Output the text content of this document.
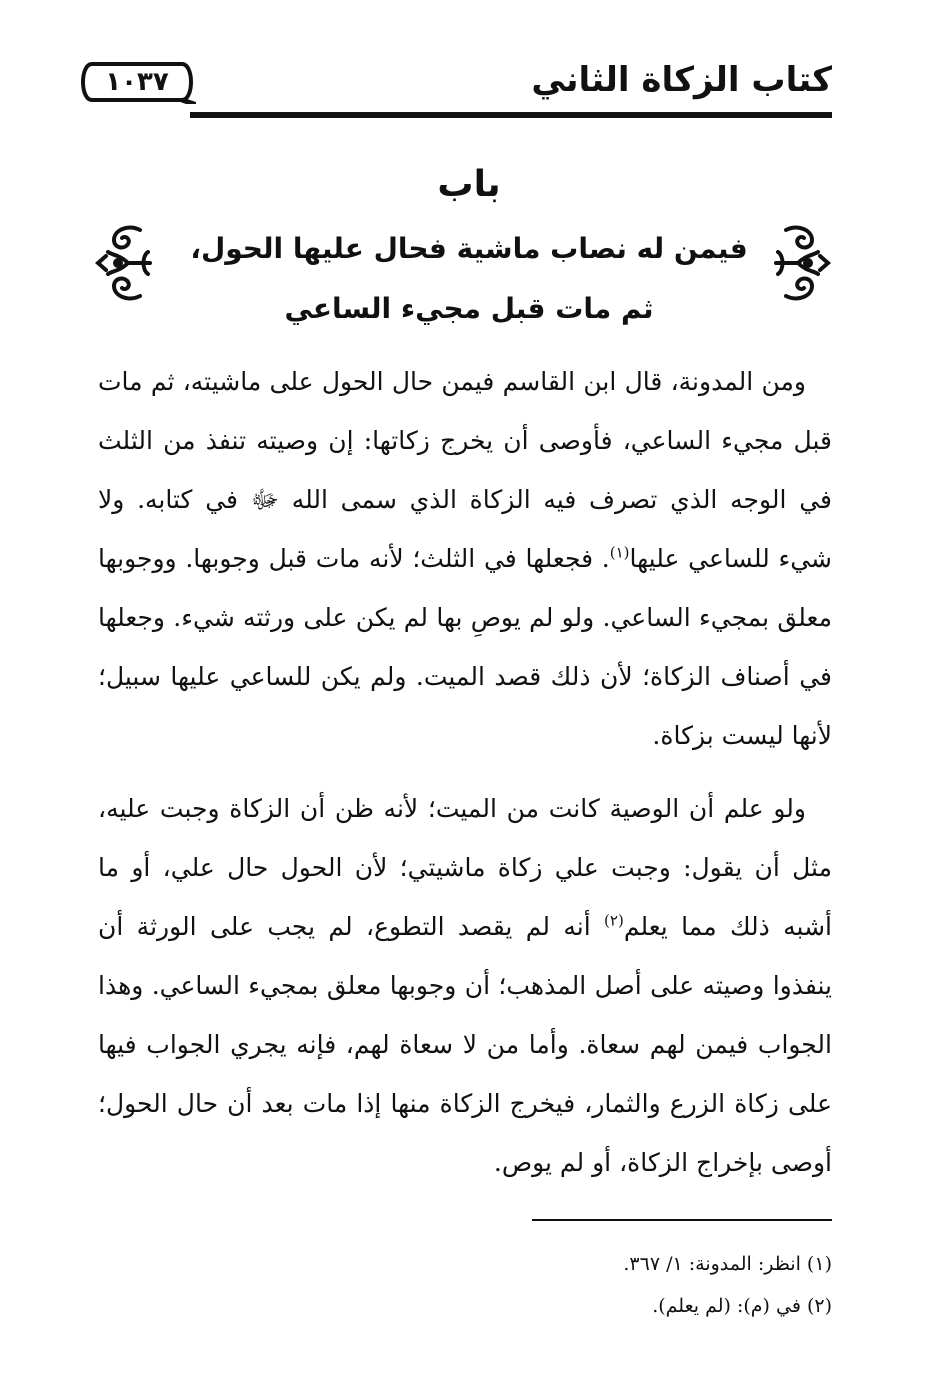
كتاب الزكاة الثاني
١٠٣٧
باب
فيمن له نصاب ماشية فحال عليها الحول،
ثم مات قبل مجيء الساعي

ومن المدونة، قال ابن القاسم فيمن حال الحول على ماشيته، ثم مات قبل مجيء الساعي، فأوصى أن يخرج زكاتها: إن وصيته تنفذ من الثلث في الوجه الذي تصرف فيه الزكاة الذي سمى الله ﷻ في كتابه. ولا شيء للساعي عليها$^{(١)}$. فجعلها في الثلث؛ لأنه مات قبل وجوبها. ووجوبها معلق بمجيء الساعي. ولو لم يوصِ بها لم يكن على ورثته شيء. وجعلها في أصناف الزكاة؛ لأن ذلك قصد الميت. ولم يكن للساعي عليها سبيل؛ لأنها ليست بزكاة.

ولو علم أن الوصية كانت من الميت؛ لأنه ظن أن الزكاة وجبت عليه، مثل أن يقول: وجبت علي زكاة ماشيتي؛ لأن الحول حال علي، أو ما أشبه ذلك مما يعلم$^{(٢)}$ أنه لم يقصد التطوع، لم يجب على الورثة أن ينفذوا وصيته على أصل المذهب؛ أن وجوبها معلق بمجيء الساعي. وهذا الجواب فيمن لهم سعاة. وأما من لا سعاة لهم، فإنه يجري الجواب فيها على زكاة الزرع والثمار، فيخرج الزكاة منها إذا مات بعد أن حال الحول؛ أوصى بإخراج الزكاة، أو لم يوص.

(١) انظر: المدونة: ١/ ٣٦٧.

(٢) في (م): (لم يعلم).
